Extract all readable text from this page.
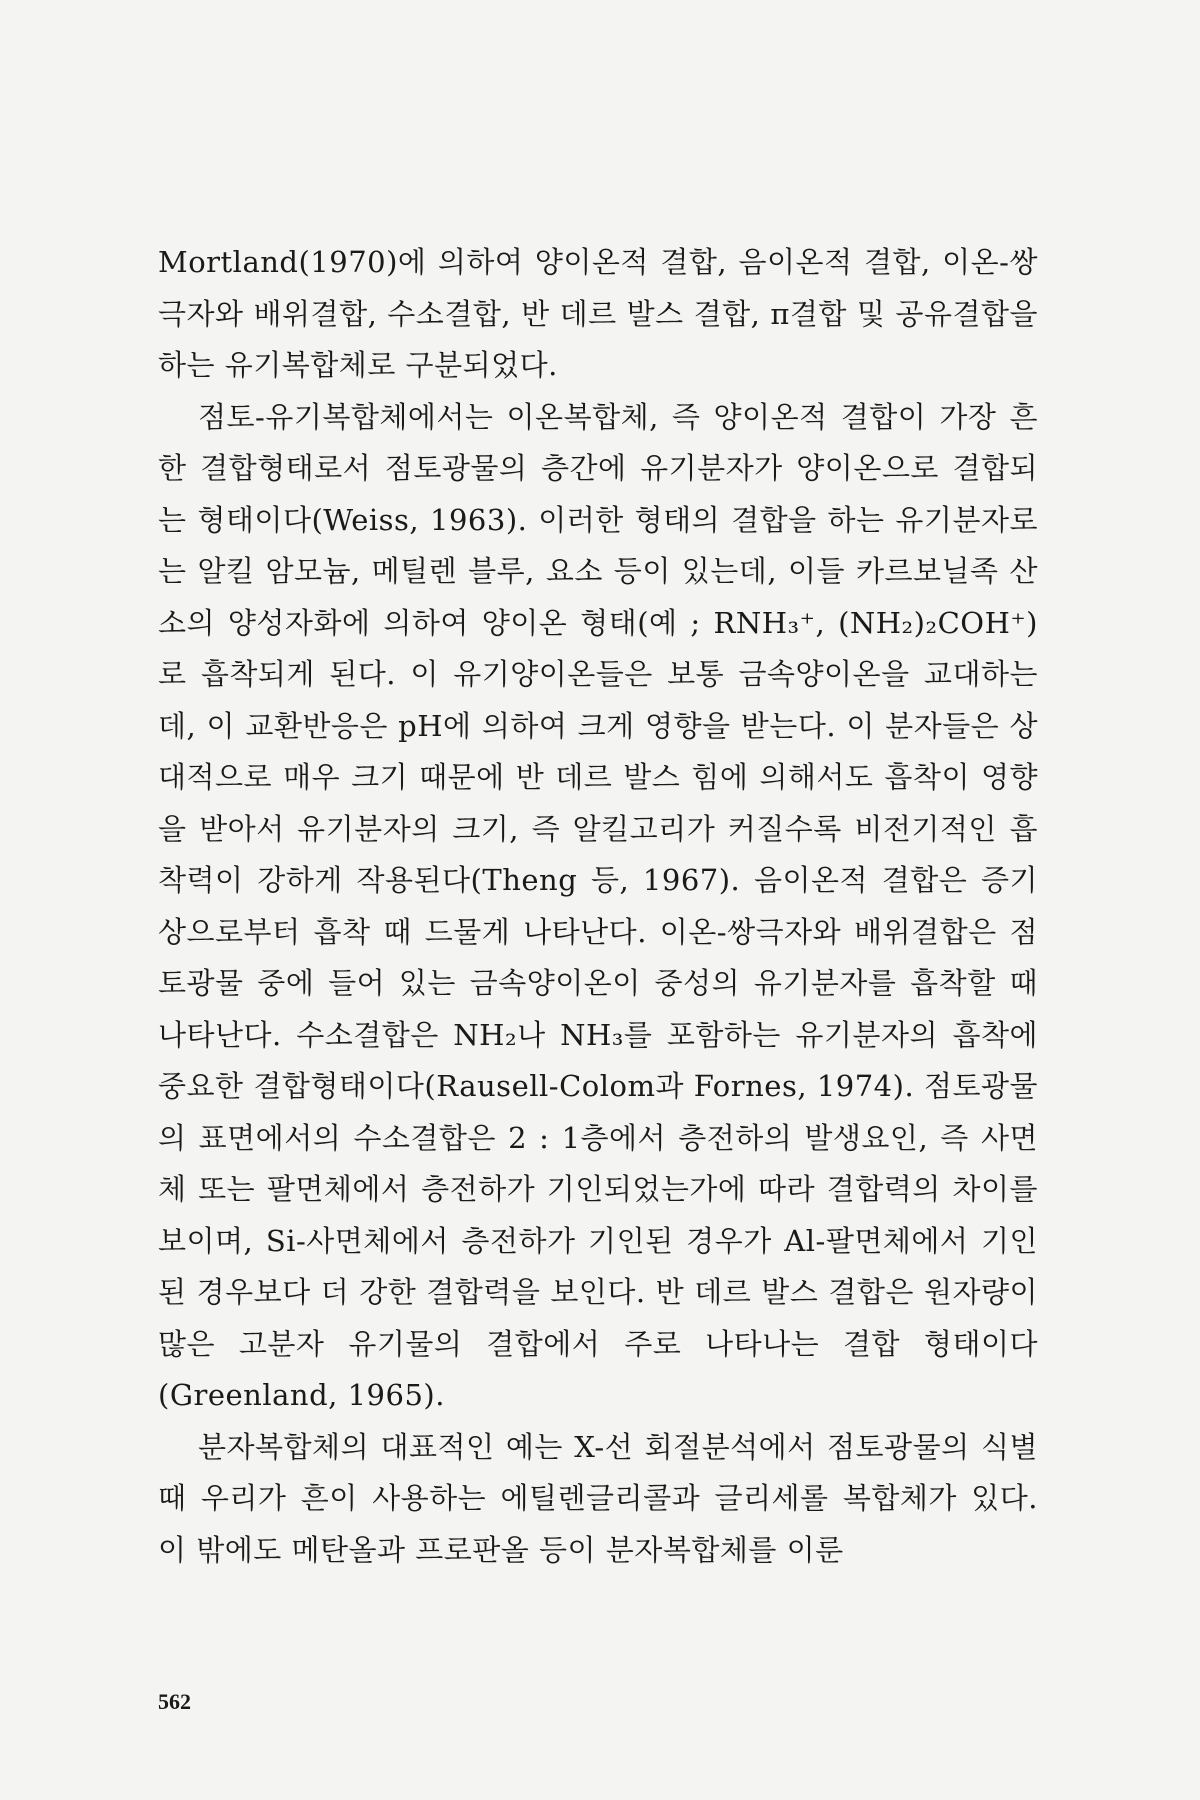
Mortland(1970)에 의하여 양이온적 결합, 음이온적 결합, 이온-쌍극자와 배위결합, 수소결합, 반 데르 발스 결합, π결합 및 공유결합을 하는 유기복합체로 구분되었다.

점토-유기복합체에서는 이온복합체, 즉 양이온적 결합이 가장 흔한 결합형태로서 점토광물의 층간에 유기분자가 양이온으로 결합되는 형태이다(Weiss, 1963). 이러한 형태의 결합을 하는 유기분자로는 알킬 암모늄, 메틸렌 블루, 요소 등이 있는데, 이들 카르보닐족 산소의 양성자화에 의하여 양이온 형태(예 ; RNH₃⁺, (NH₂)₂COH⁺)로 흡착되게 된다. 이 유기양이온들은 보통 금속양이온을 교대하는데, 이 교환반응은 pH에 의하여 크게 영향을 받는다. 이 분자들은 상대적으로 매우 크기 때문에 반 데르 발스 힘에 의해서도 흡착이 영향을 받아서 유기분자의 크기, 즉 알킬고리가 커질수록 비전기적인 흡착력이 강하게 작용된다(Theng 등, 1967). 음이온적 결합은 증기상으로부터 흡착 때 드물게 나타난다. 이온-쌍극자와 배위결합은 점토광물 중에 들어 있는 금속양이온이 중성의 유기분자를 흡착할 때 나타난다. 수소결합은 NH₂나 NH₃를 포함하는 유기분자의 흡착에 중요한 결합형태이다(Rausell-Colom과 Fornes, 1974). 점토광물의 표면에서의 수소결합은 2 : 1층에서 층전하의 발생요인, 즉 사면체 또는 팔면체에서 층전하가 기인되었는가에 따라 결합력의 차이를 보이며, Si-사면체에서 층전하가 기인된 경우가 Al-팔면체에서 기인된 경우보다 더 강한 결합력을 보인다. 반 데르 발스 결합은 원자량이 많은 고분자 유기물의 결합에서 주로 나타나는 결합 형태이다(Greenland, 1965).

분자복합체의 대표적인 예는 X-선 회절분석에서 점토광물의 식별 때 우리가 흔이 사용하는 에틸렌글리콜과 글리세롤 복합체가 있다. 이 밖에도 메탄올과 프로판올 등이 분자복합체를 이룬

562
